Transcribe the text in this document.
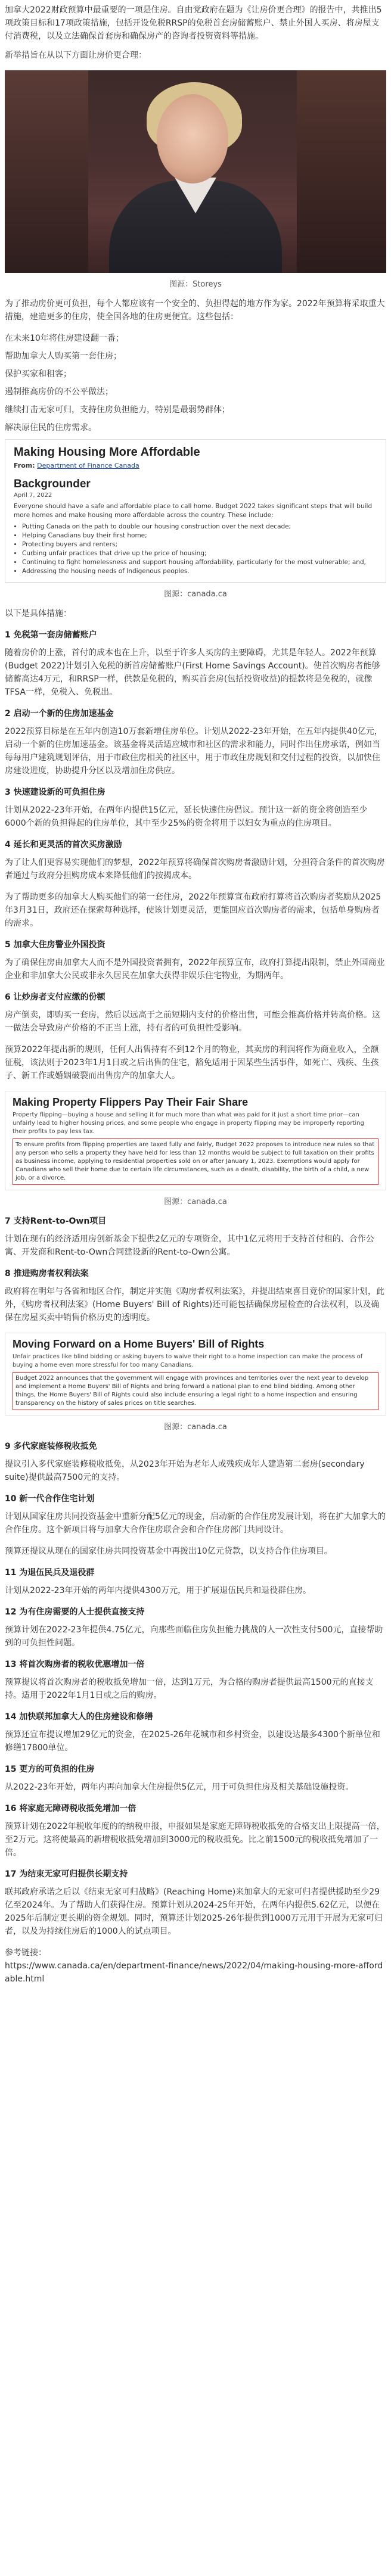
加拿大2022财政预算中最重要的一项是住房。自由党政府在题为《让房价更合理》的报告中，共推出5项政策目标和17项政策措施，包括开设免税RRSP的免税首套房储蓄账户、禁止外国人买房、将房屋支付消费税，以及立法确保首套房和确保房产的咨询者投资资料等措施。

新举措旨在从以下方面让房价更合理：

图源：Storeys

为了推动房价更可负担，每个人都应该有一个安全的、负担得起的地方作为家。2022年预算将采取重大措施，建造更多的住房，使全国各地的住房更便宜。这些包括：

在未来10年将住房建设翻一番；

帮助加拿大人购买第一套住房；

保护买家和租客；

遏制推高房价的不公平做法；

继续打击无家可归，支持住房负担能力，特别是最弱势群体；

解决原住民的住房需求。

Making Housing More Affordable
From: Department of Finance Canada
Backgrounder
April 7, 2022
Everyone should have a safe and affordable place to call home. Budget 2022 takes significant steps that will build more homes and make housing more affordable across the country. These include:
• Putting Canada on the path to double our housing construction over the next decade;
• Helping Canadians buy their first home;
• Protecting buyers and renters;
• Curbing unfair practices that drive up the price of housing;
• Continuing to fight homelessness and support housing affordability, particularly for the most vulnerable; and,
• Addressing the housing needs of Indigenous peoples.
图源：canada.ca

以下是具体措施：

1 免税第一套房储蓄账户

随着房价的上涨，首付的成本也在上升，以至于许多人买房的主要障碍，尤其是年轻人。2022年预算(Budget 2022)计划引入免税的新首房储蓄账户(First Home Savings Account)。使首次购房者能够储蓄高达4万元，和RRSP一样，供款是免税的，购买首套房(包括投资收益)的提款将是免税的，就像TFSA一样，免税入、免税出。

2 启动一个新的住房加速基金

2022预算目标是在五年内创造10万套新增住房单位。计划从2022-23年开始，在五年内提供40亿元，启动一个新的住房加速基金。该基金将灵活适应城市和社区的需求和能力，同时作出住房承诺，例如当每每用户建筑规划评估，用于市政住房相关的社区中，用于市政住房规划和交付过程的投资，以加快住房建设进度，协助提升分区以及增加住房供应。

3 快速建设新的可负担住房

计划从2022-23年开始，在两年内提供15亿元，延长快速住房倡议。预计这一新的资金将创造至少6000个新的负担得起的住房单位，其中至少25%的资金将用于以妇女为重点的住房项目。

4 延长和更灵活的首次买房激励

为了让人们更容易实现他们的梦想，2022年预算将确保首次购房者激励计划，分担符合条件的首次购房者通过与政府分担购房成本来降低他们的按揭成本。

为了帮助更多的加拿大人购买他们的第一套住房，2022年预算宣布政府打算将首次购房者奖励从2025年3月31日，政府还在探索每种选择，使该计划更灵活，更能回应首次购房者的需求，包括单身购房者的需求。

5 加拿大住房警业外国投资

为了确保住房由加拿大人而不是外国投资者拥有，2022年预算宣布，政府打算提出限制，禁止外国商业企业和非加拿大公民或非永久居民在加拿大获得非娱乐住宅物业，为期两年。

6 让炒房者支付应缴的份额

房产倒卖，即购买一套房，然后以远高于之前短期内支付的价格出售，可能会推高价格并转高价格。这一做法会导致房产价格的不正当上涨，持有者的可负担性受影响。

预算2022年提出新的规则，任何人出售持有不到12个月的物业，其卖房的利润将作为商业收入，全额征税，该法则于2023年1月1日或之后出售的住宅，豁免适用于因某些生活事件，如死亡、残疾、生孩子、新工作或婚姻破裂而出售房产的加拿大人。

Making Property Flippers Pay Their Fair Share
Property flipping—buying a house and selling it for much more than what was paid for it just a short time prior—can unfairly lead to higher housing prices, and some people who engage in property flipping may be improperly reporting their profits to pay less tax.
To ensure profits from flipping properties are taxed fully and fairly, Budget 2022 proposes to introduce new rules so that any person who sells a property they have held for less than 12 months would be subject to full taxation on their profits as business income, applying to residential properties sold on or after January 1, 2023. Exemptions would apply for Canadians who sell their home due to certain life circumstances, such as a death, disability, the birth of a child, a new job, or a divorce.
图源：canada.ca
7 支持Rent-to-Own项目

计划在现有的经济适用房创新基金下提供2亿元的专项资金，其中1亿元将用于支持首付租的、合作公寓、开发商和Rent-to-Own合同建设新的Rent-to-Own公寓。

8 推进购房者权利法案

政府将在明年与各省和地区合作，制定并实施《购房者权利法案》，并提出结束喜目竞价的国家计划，此外，《购房者权利法案》(Home Buyers' Bill of Rights)还可能包括确保房屋检查的合法权利，以及确保在房屋买卖中销售价格历史的透明度。

Moving Forward on a Home Buyers' Bill of Rights
Unfair practices like blind bidding or asking buyers to waive their right to a home inspection can make the process of buying a home even more stressful for too many Canadians.
Budget 2022 announces that the government will engage with provinces and territories over the next year to develop and implement a Home Buyers' Bill of Rights and bring forward a national plan to end blind bidding. Among other things, the Home Buyers' Bill of Rights could also include ensuring a legal right to a home inspection and ensuring transparency on the history of sales prices on title searches.
图源：canada.ca
9 多代家庭装修税收抵免

提议引入多代家庭装修税收抵免，从2023年开始为老年人或残疾成年人建造第二套房(secondary suite)提供最高7500元的支持。

10 新一代合作住宅计划

计划从国家住房共同投资基金中重新分配5亿元的现金，启动新的合作住房发展计划，将在扩大加拿大的合作住房。这个新项目将与加拿大合作住房联合会和合作住房部门共同设计。

预算还提议从现在的国家住房共同投资基金中再拨出10亿元贷款，以支持合作住房项目。

11 为退伍民兵及退役群

计划从2022-23年开始的两年内提供4300万元，用于扩展退伍民兵和退役群住房。

12 为有住房需要的人士提供直接支持

预算计划在2022-23年提供4.75亿元，向那些面临住房负担能力挑战的人一次性支付500元，直接帮助到的可负担性问题。

13 将首次购房者的税收优惠增加一倍

预算提议将首次购房者的税收抵免增加一倍，达到1万元，为合格的购房者提供最高1500元的直接支持。适用于2022年1月1日或之后的购房。

14 加快联邦加拿大人的住房建设和修缮

预算还宣布提议增加29亿元的资金，在2025-26年花城市和乡村资金，以建设达最多4300个新单位和修缮17800单位。

15 更方的可负担的住房

从2022-23年开始，两年内再向加拿大住房提供5亿元，用于可负担住房及相关基础设施投资。

16 将家庭无障碍税收抵免增加一倍

预算计划在2022年税收年度的的纳税申报，申报如果是家庭无障碍税收抵免的合格支出上限提高一倍，至2万元。这将使最高的新增税收抵免增加到3000元的税收抵免。比之前1500元的税收抵免增加了一倍。

17 为结束无家可归提供长期支持

联邦政府承诺之后以《结束无家可归战略》(Reaching Home)来加拿大的无家可归者提供援助至少29亿至2024年。为了帮助人们获得住房。预算计划从2024-25年开始，在两年内提供5.62亿元，以便在2025年后制定更长期的资金规划。同时，预算还计划2025-26年提供到1000万元用于开展为无家可归者，以及为持续住房后的1000人的试点项目。

参考链接：
https://www.canada.ca/en/department-finance/news/2022/04/making-housing-more-affordable.html
